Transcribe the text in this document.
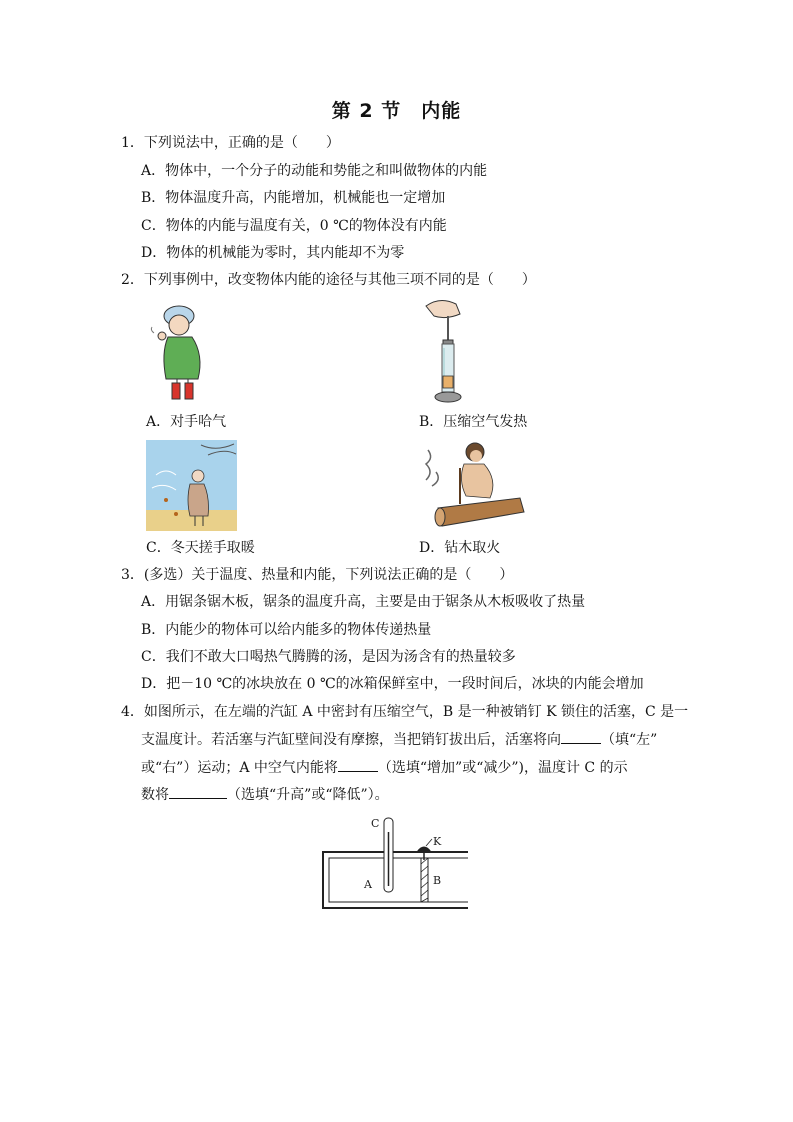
第 2 节　内能
1．下列说法中，正确的是（　　）
A．物体中，一个分子的动能和势能之和叫做物体的内能
B．物体温度升高，内能增加，机械能也一定增加
C．物体的内能与温度有关，0 ℃的物体没有内能
D．物体的机械能为零时，其内能却不为零
2．下列事例中，改变物体内能的途径与其他三项不同的是（　　）
A．对手哈气	B．压缩空气发热
C．冬天搓手取暖	D．钻木取火
3．(多选）关于温度、热量和内能，下列说法正确的是（　　）
A．用锯条锯木板，锯条的温度升高，主要是由于锯条从木板吸收了热量
B．内能少的物体可以给内能多的物体传递热量
C．我们不敢大口喝热气腾腾的汤，是因为汤含有的热量较多
D．把－10 ℃的冰块放在 0 ℃的冰箱保鲜室中，一段时间后，冰块的内能会增加
4．如图所示，在左端的汽缸 A 中密封有压缩空气，B 是一种被销钉 K 锁住的活塞，C 是一
支温度计。若活塞与汽缸壁间没有摩擦，当把销钉拔出后，活塞将向	（填“左”
或“右”）运动；A 中空气内能将	（选填“增加”或“减少”)，温度计 C 的示
数将	（选填“升高”或“降低”）。
C
K
A	B
